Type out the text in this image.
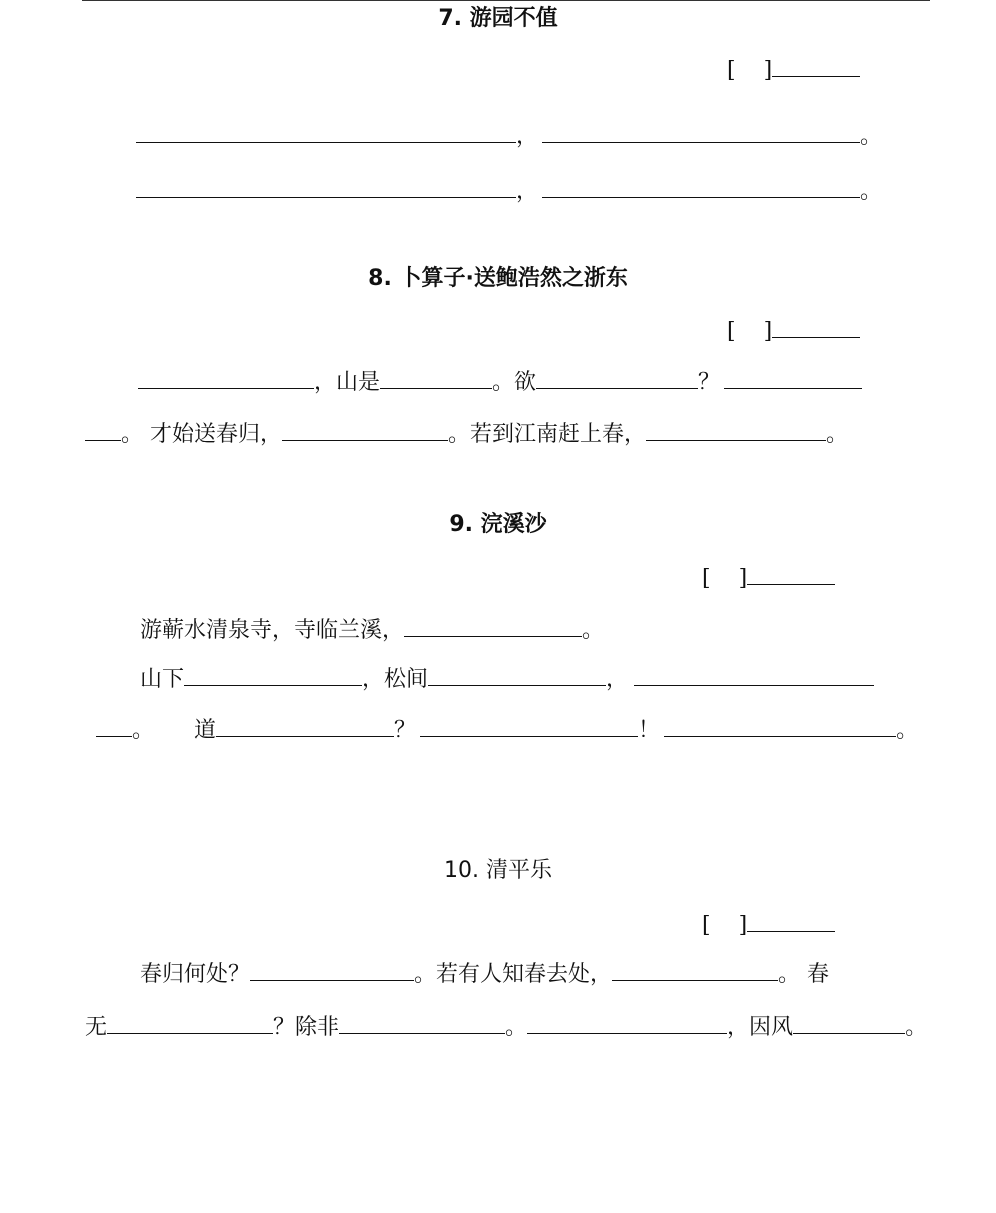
7. 游园不值
[ ]
，	。
，	。
8. 卜算子·送鲍浩然之浙东
[ ]
，山是	。欲	？
。 才始送春归，	。若到江南赶上春，	。
9. 浣溪沙
[ ]
游蕲水清泉寺，寺临兰溪，	。
山下	，松间	，
。 道	？	！	。
10. 清平乐
[ ]
春归何处？	。若有人知春去处，	。 春
无	？除非	。	，因风	。
